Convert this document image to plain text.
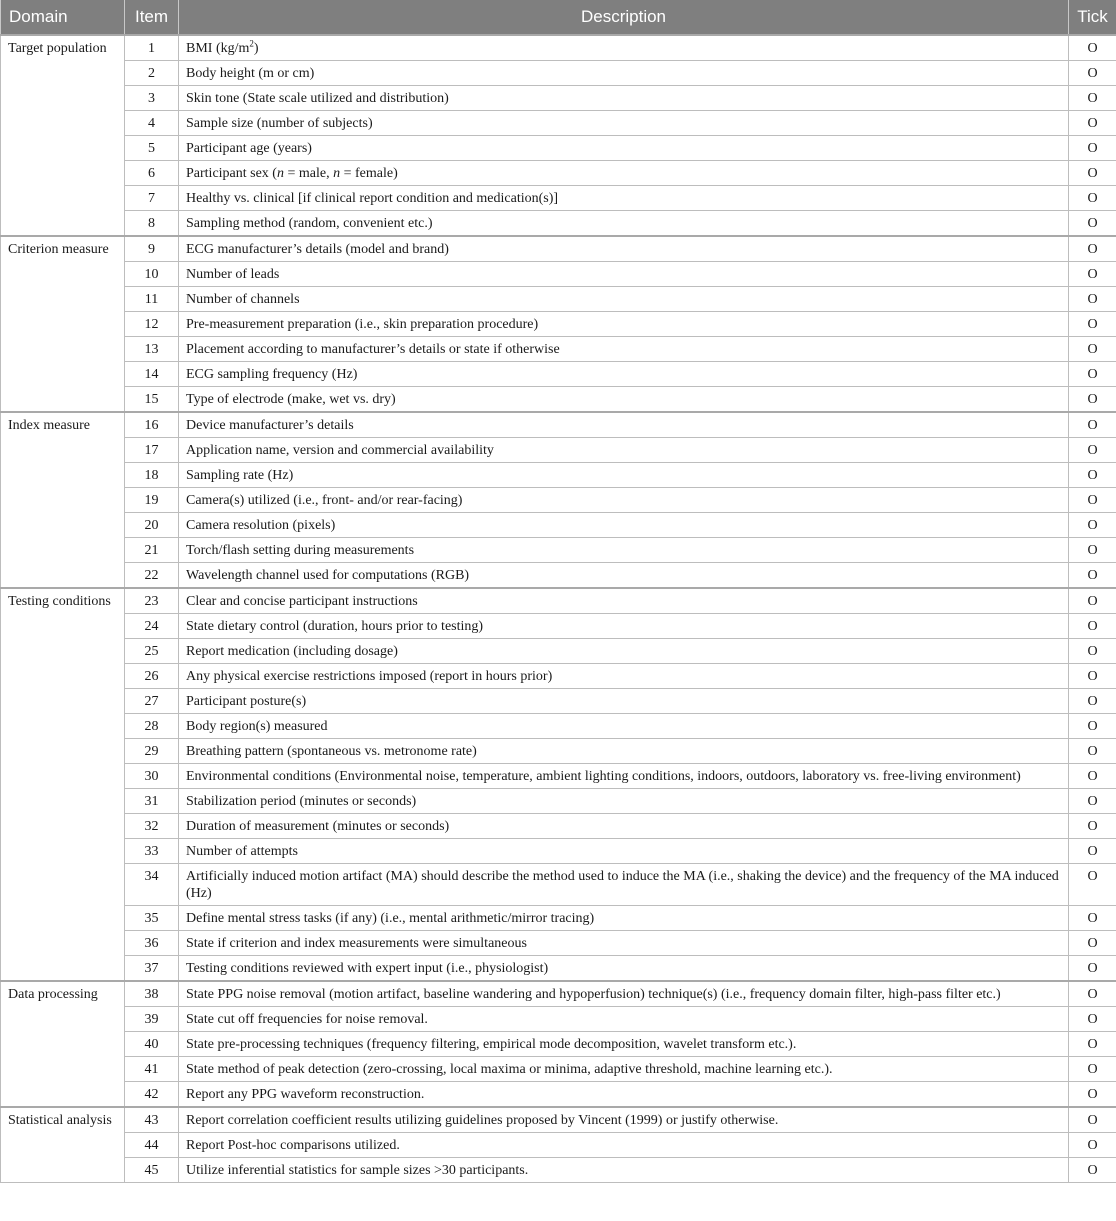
Domain	Item	Description	Tick
Target population	1	BMI $(kg/m^2)$	O
	2	Body height (m or cm)	O
	3	Skin tone (State scale utilized and distribution)	O
	4	Sample size (number of subjects)	O
	5	Participant age (years)	O
	6	Participant sex (n = male, n = female)	O
	7	Healthy vs. clinical [if clinical report condition and medication(s)]	O
	8	Sampling method (random, convenient etc.)	O
Criterion measure	9	ECG manufacturer’s details (model and brand)	O
	10	Number of leads	O
	11	Number of channels	O
	12	Pre-measurement preparation (i.e., skin preparation procedure)	O
	13	Placement according to manufacturer’s details or state if otherwise	O
	14	ECG sampling frequency (Hz)	O
	15	Type of electrode (make, wet vs. dry)	O
Index measure	16	Device manufacturer’s details	O
	17	Application name, version and commercial availability	O
	18	Sampling rate (Hz)	O
	19	Camera(s) utilized (i.e., front- and/or rear-facing)	O
	20	Camera resolution (pixels)	O
	21	Torch/flash setting during measurements	O
	22	Wavelength channel used for computations (RGB)	O
Testing conditions	23	Clear and concise participant instructions	O
	24	State dietary control (duration, hours prior to testing)	O
	25	Report medication (including dosage)	O
	26	Any physical exercise restrictions imposed (report in hours prior)	O
	27	Participant posture(s)	O
	28	Body region(s) measured	O
	29	Breathing pattern (spontaneous vs. metronome rate)	O
	30	Environmental conditions (Environmental noise, temperature, ambient lighting conditions, indoors, outdoors, laboratory vs. free-living environment)	O
	31	Stabilization period (minutes or seconds)	O
	32	Duration of measurement (minutes or seconds)	O
	33	Number of attempts	O
	34	Artificially induced motion artifact (MA) should describe the method used to induce the MA (i.e., shaking the device) and the frequency of the MA induced (Hz)	O
	35	Define mental stress tasks (if any) (i.e., mental arithmetic/mirror tracing)	O
	36	State if criterion and index measurements were simultaneous	O
	37	Testing conditions reviewed with expert input (i.e., physiologist)	O
Data processing	38	State PPG noise removal (motion artifact, baseline wandering and hypoperfusion) technique(s) (i.e., frequency domain filter, high-pass filter etc.)	O
	39	State cut off frequencies for noise removal.	O
	40	State pre-processing techniques (frequency filtering, empirical mode decomposition, wavelet transform etc.).	O
	41	State method of peak detection (zero-crossing, local maxima or minima, adaptive threshold, machine learning etc.).	O
	42	Report any PPG waveform reconstruction.	O
Statistical analysis	43	Report correlation coefficient results utilizing guidelines proposed by Vincent (1999) or justify otherwise.	O
	44	Report Post-hoc comparisons utilized.	O
	45	Utilize inferential statistics for sample sizes >30 participants.	O
